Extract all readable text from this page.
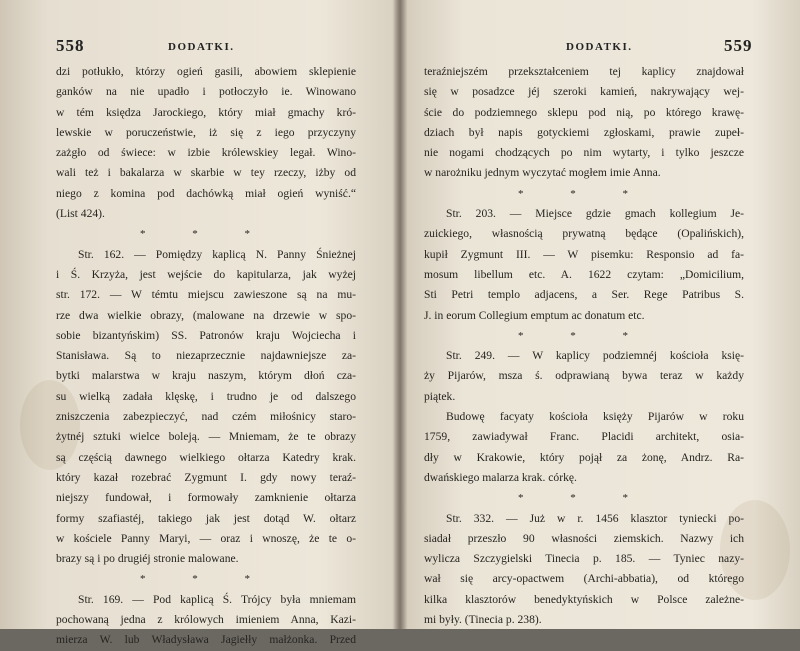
558	DODATKI.
dzi potłukło, którzy ogień gasili, abowiem sklepienie
ganków na nie upadło i potłoczyło ie. Winowano
w tém księdza Jarockiego, który miał gmachy kró-
lewskie w poruczeństwie, iż się z iego przyczyny
zażgło od świece: w izbie królewskiey legał. Wino-
wali też i bakalarza w skarbie w tey rzeczy, iżby od
niego z komina pod dachówką miał ogień wyniść.“
(List 424).
* * *
Str. 162. — Pomiędzy kaplicą N. Panny Śnieżnej
i Ś. Krzyża, jest wejście do kapitularza, jak wyżej
str. 172. — W témtu miejscu zawieszone są na mu-
rze dwa wielkie obrazy, (malowane na drzewie w spo-
sobie bizantyńskim) SS. Patronów kraju Wojciecha i
Stanisława. Są to niezaprzecznie najdawniejsze za-
bytki malarstwa w kraju naszym, którym dłoń cza-
su wielką zadała klęskę, i trudno je od dalszego
zniszczenia zabezpieczyć, nad czém miłośnicy staro-
żytnéj sztuki wielce boleją. — Mniemam, że te obrazy
są częścią dawnego wielkiego ołtarza Katedry krak.
który kazał rozebrać Zygmunt I. gdy nowy teraź-
niejszy fundował, i formowały zamknienie ołtarza
formy szafiastéj, takiego jak jest dotąd W. ołtarz
w kościele Panny Maryi, — oraz i wnoszę, że te o-
brazy są i po drugiéj stronie malowane.
* * *
Str. 169. — Pod kaplicą Ś. Trójcy była mniemam
pochowaną jedna z królowych imieniem Anna, Kazi-
mierza W. lub Władysława Jagiełły małżonka. Przed
DODATKI.	559
teraźniejszém przekształceniem tej kaplicy znajdował
się w posadzce jéj szeroki kamień, nakrywający wej-
ście do podziemnego sklepu pod nią, po którego krawę-
dziach był napis gotyckiemi zgłoskami, prawie zupeł-
nie nogami chodzących po nim wytarty, i tylko jeszcze
w narożniku jednym wyczytać mogłem imie Anna.
* * *
Str. 203. — Miejsce gdzie gmach kollegium Je-
zuickiego, własnością prywatną będące (Opalińskich),
kupił Zygmunt III. — W pisemku: Responsio ad fa-
mosum libellum etc. A. 1622 czytam: „Domicilium,
Sti Petri templo adjacens, a Ser. Rege Patribus S.
J. in eorum Collegium emptum ac donatum etc.
* * *
Str. 249. — W kaplicy podziemnéj kościoła księ-
ży Pijarów, msza ś. odprawianą bywa teraz w każdy
piątek.
Budowę facyaty kościoła księży Pijarów w roku
1759, zawiadywał Franc. Placidi architekt, osia-
dły w Krakowie, który pojął za żonę, Andrz. Ra-
dwańskiego malarza krak. córkę.
* * *
Str. 332. — Już w r. 1456 klasztor tyniecki po-
siadał przeszło 90 własności ziemskich. Nazwy ich
wylicza Szczygielski Tinecia p. 185. — Tyniec nazy-
wał się arcy-opactwem (Archi-abbatia), od którego
kilka klasztorów benedyktyńskich w Polsce zależne-
mi były. (Tinecia p. 238).
